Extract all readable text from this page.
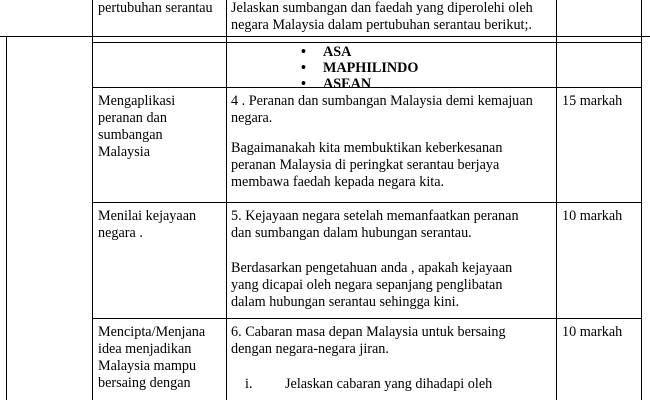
pertubuhan serantau Jelaskan sumbangan dan faedah yang diperolehi oleh
negara Malaysia dalam pertubuhan serantau berikut;.
• ASA
• MAPHILINDO
• ASEAN
Mengaplikasi
peranan dan
sumbangan
Malaysia
4 . Peranan dan sumbangan Malaysia demi kemajuan
negara.
Bagaimanakah kita membuktikan keberkesanan
peranan Malaysia di peringkat serantau berjaya
membawa faedah kepada negara kita.
15 markah
Menilai kejayaan
negara .
5. Kejayaan negara setelah memanfaatkan peranan
dan sumbangan dalam hubungan serantau.
Berdasarkan pengetahuan anda , apakah kejayaan
yang dicapai oleh negara sepanjang penglibatan
dalam hubungan serantau sehingga kini.
10 markah
Mencipta/Menjana
idea menjadikan
Malaysia mampu
bersaing dengan
6. Cabaran masa depan Malaysia untuk bersaing
dengan negara-negara jiran.
i. Jelaskan cabaran yang dihadapi oleh
10 markah
